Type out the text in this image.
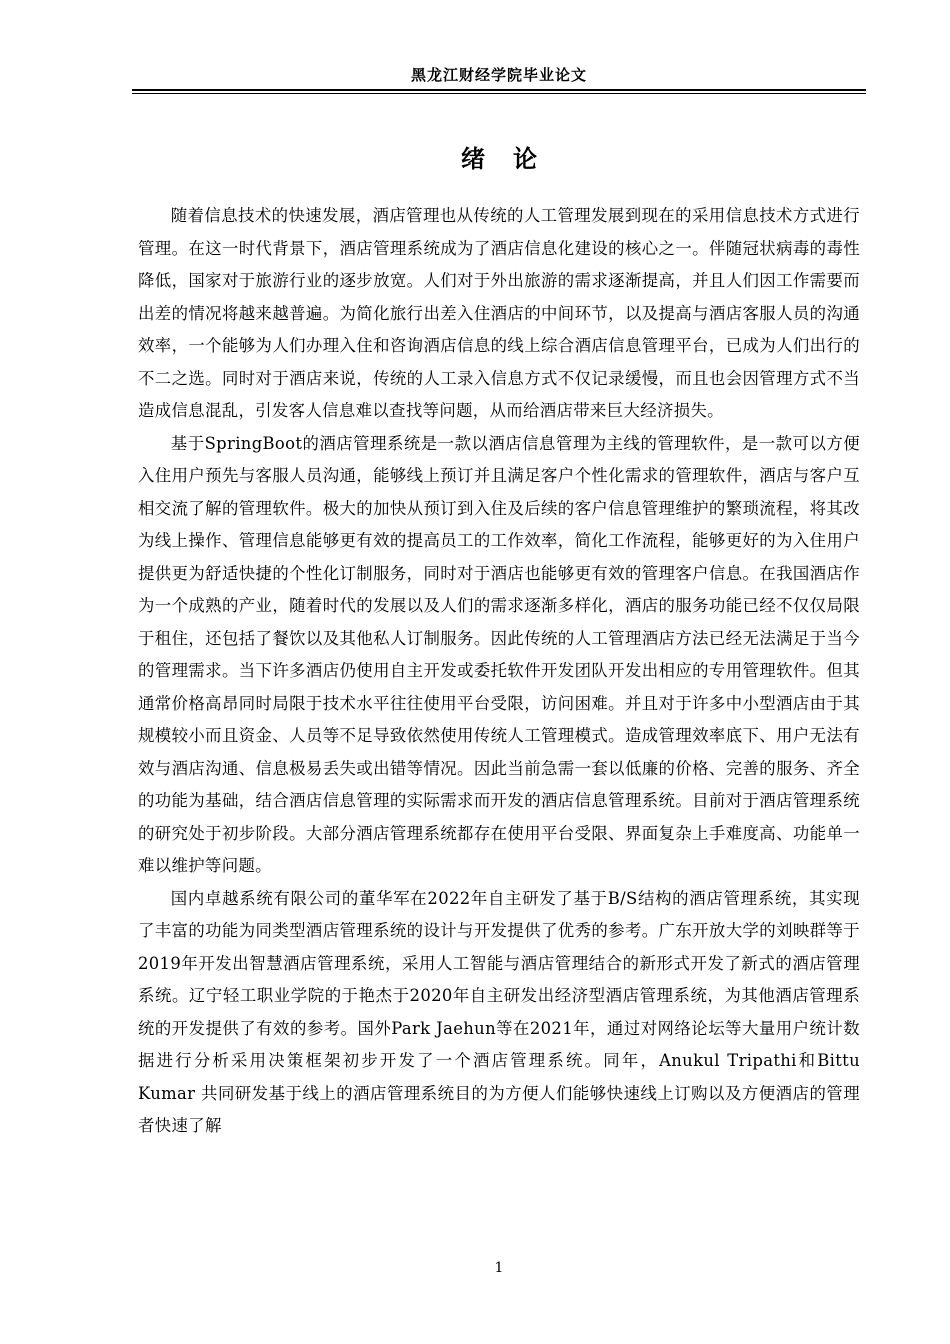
黑龙江财经学院毕业论文
绪论

随着信息技术的快速发展，酒店管理也从传统的人工管理发展到现在的采用信息技术方式进行管理。在这一时代背景下，酒店管理系统成为了酒店信息化建设的核心之一。伴随冠状病毒的毒性降低，国家对于旅游行业的逐步放宽。人们对于外出旅游的需求逐渐提高，并且人们因工作需要而出差的情况将越来越普遍。为简化旅行出差入住酒店的中间环节，以及提高与酒店客服人员的沟通效率，一个能够为人们办理入住和咨询酒店信息的线上综合酒店信息管理平台，已成为人们出行的不二之选。同时对于酒店来说，传统的人工录入信息方式不仅记录缓慢，而且也会因管理方式不当造成信息混乱，引发客人信息难以查找等问题，从而给酒店带来巨大经济损失。

基于SpringBoot的酒店管理系统是一款以酒店信息管理为主线的管理软件，是一款可以方便入住用户预先与客服人员沟通，能够线上预订并且满足客户个性化需求的管理软件，酒店与客户互相交流了解的管理软件。极大的加快从预订到入住及后续的客户信息管理维护的繁琐流程，将其改为线上操作、管理信息能够更有效的提高员工的工作效率，简化工作流程，能够更好的为入住用户提供更为舒适快捷的个性化订制服务，同时对于酒店也能够更有效的管理客户信息。在我国酒店作为一个成熟的产业，随着时代的发展以及人们的需求逐渐多样化，酒店的服务功能已经不仅仅局限于租住，还包括了餐饮以及其他私人订制服务。因此传统的人工管理酒店方法已经无法满足于当今的管理需求。当下许多酒店仍使用自主开发或委托软件开发团队开发出相应的专用管理软件。但其通常价格高昂同时局限于技术水平往往使用平台受限，访问困难。并且对于许多中小型酒店由于其规模较小而且资金、人员等不足导致依然使用传统人工管理模式。造成管理效率底下、用户无法有效与酒店沟通、信息极易丢失或出错等情况。因此当前急需一套以低廉的价格、完善的服务、齐全的功能为基础，结合酒店信息管理的实际需求而开发的酒店信息管理系统。目前对于酒店管理系统的研究处于初步阶段。大部分酒店管理系统都存在使用平台受限、界面复杂上手难度高、功能单一难以维护等问题。

国内卓越系统有限公司的董华军在2022年自主研发了基于B/S结构的酒店管理系统，其实现了丰富的功能为同类型酒店管理系统的设计与开发提供了优秀的参考。广东开放大学的刘映群等于2019年开发出智慧酒店管理系统，采用人工智能与酒店管理结合的新形式开发了新式的酒店管理系统。辽宁轻工职业学院的于艳杰于2020年自主研发出经济型酒店管理系统，为其他酒店管理系统的开发提供了有效的参考。国外Park Jaehun等在2021年，通过对网络论坛等大量用户统计数据进行分析采用决策框架初步开发了一个酒店管理系统。同年，Anukul Tripathi和Bittu Kumar 共同研发基于线上的酒店管理系统目的为方便人们能够快速线上订购以及方便酒店的管理者快速了解

1
